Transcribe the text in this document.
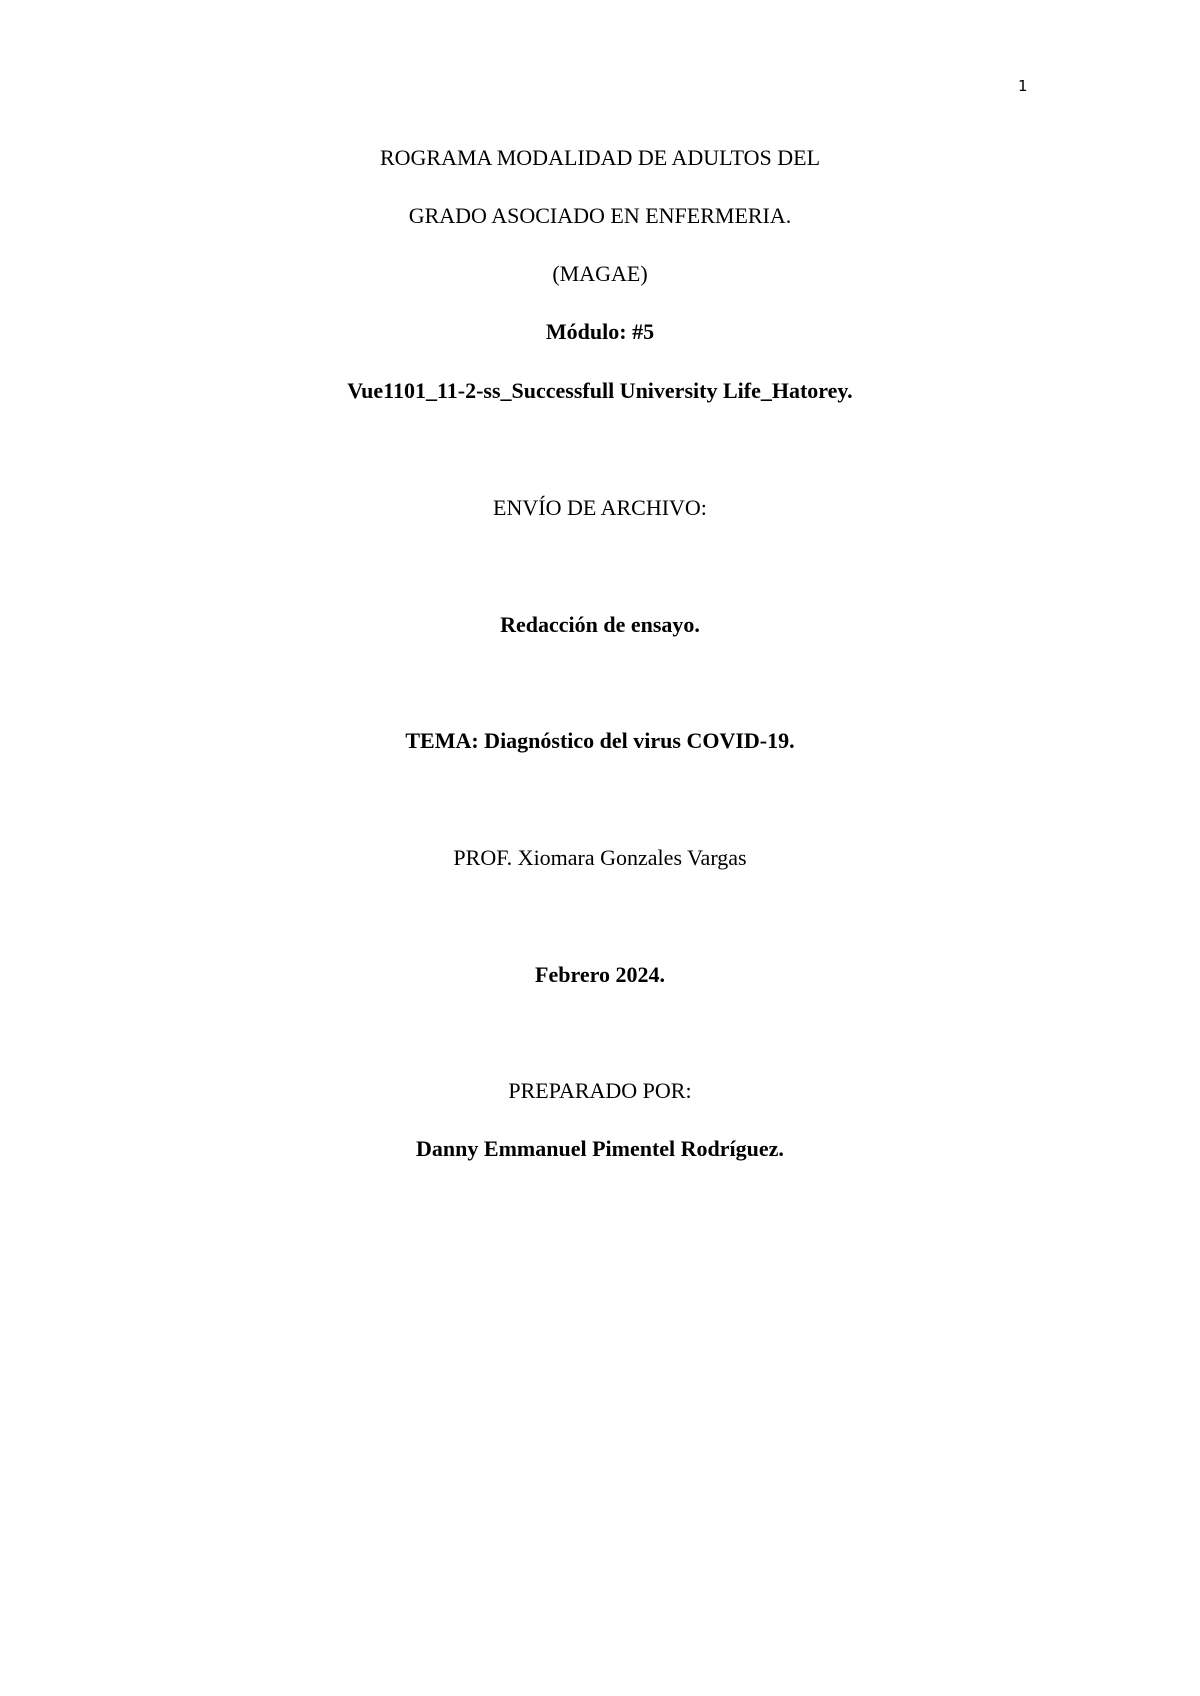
1
ROGRAMA MODALIDAD DE ADULTOS DEL
GRADO ASOCIADO EN ENFERMERIA.
(MAGAE)
Módulo: #5
Vue1101_11-2-ss_Successfull University Life_Hatorey.
ENVÍO DE ARCHIVO:
Redacción de ensayo.
TEMA: Diagnóstico del virus COVID-19.
PROF. Xiomara Gonzales Vargas
Febrero 2024.
PREPARADO POR:
Danny Emmanuel Pimentel Rodríguez.
